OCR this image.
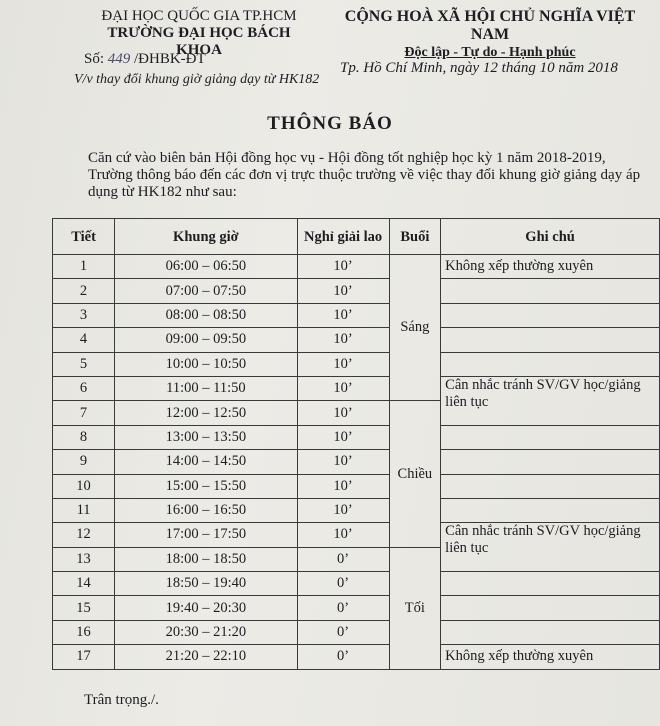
ĐẠI HỌC QUỐC GIA TP.HCM
TRƯỜNG ĐẠI HỌC BÁCH KHOA
CỘNG HOÀ XÃ HỘI CHỦ NGHĨA VIỆT NAM
Độc lập - Tự do - Hạnh phúc
Số: 449 /ĐHBK-ĐT
V/v thay đổi khung giờ giảng dạy từ HK182
Tp. Hồ Chí Minh, ngày 12 tháng 10 năm 2018
THÔNG BÁO
Căn cứ vào biên bản Hội đồng học vụ - Hội đồng tốt nghiệp học kỳ 1 năm 2018-2019, Trường thông báo đến các đơn vị trực thuộc trường về việc thay đổi khung giờ giảng dạy áp dụng từ HK182 như sau:
Tiết	Khung giờ	Nghỉ giải lao	Buổi	Ghi chú
1	06:00 – 06:50	10’	Sáng	Không xếp thường xuyên
2	07:00 – 07:50	10’		
3	08:00 – 08:50	10’		
4	09:00 – 09:50	10’		
5	10:00 – 10:50	10’		
6	11:00 – 11:50	10’		Cân nhắc tránh SV/GV học/giảng liên tục
7	12:00 – 12:50	10’	Chiều	
8	13:00 – 13:50	10’		
9	14:00 – 14:50	10’		
10	15:00 – 15:50	10’		
11	16:00 – 16:50	10’		
12	17:00 – 17:50	10’		Cân nhắc tránh SV/GV học/giảng liên tục
13	18:00 – 18:50	0’	Tối	
14	18:50 – 19:40	0’		
15	19:40 – 20:30	0’		
16	20:30 – 21:20	0’		
17	21:20 – 22:10	0’		Không xếp thường xuyên
Trân trọng./.
